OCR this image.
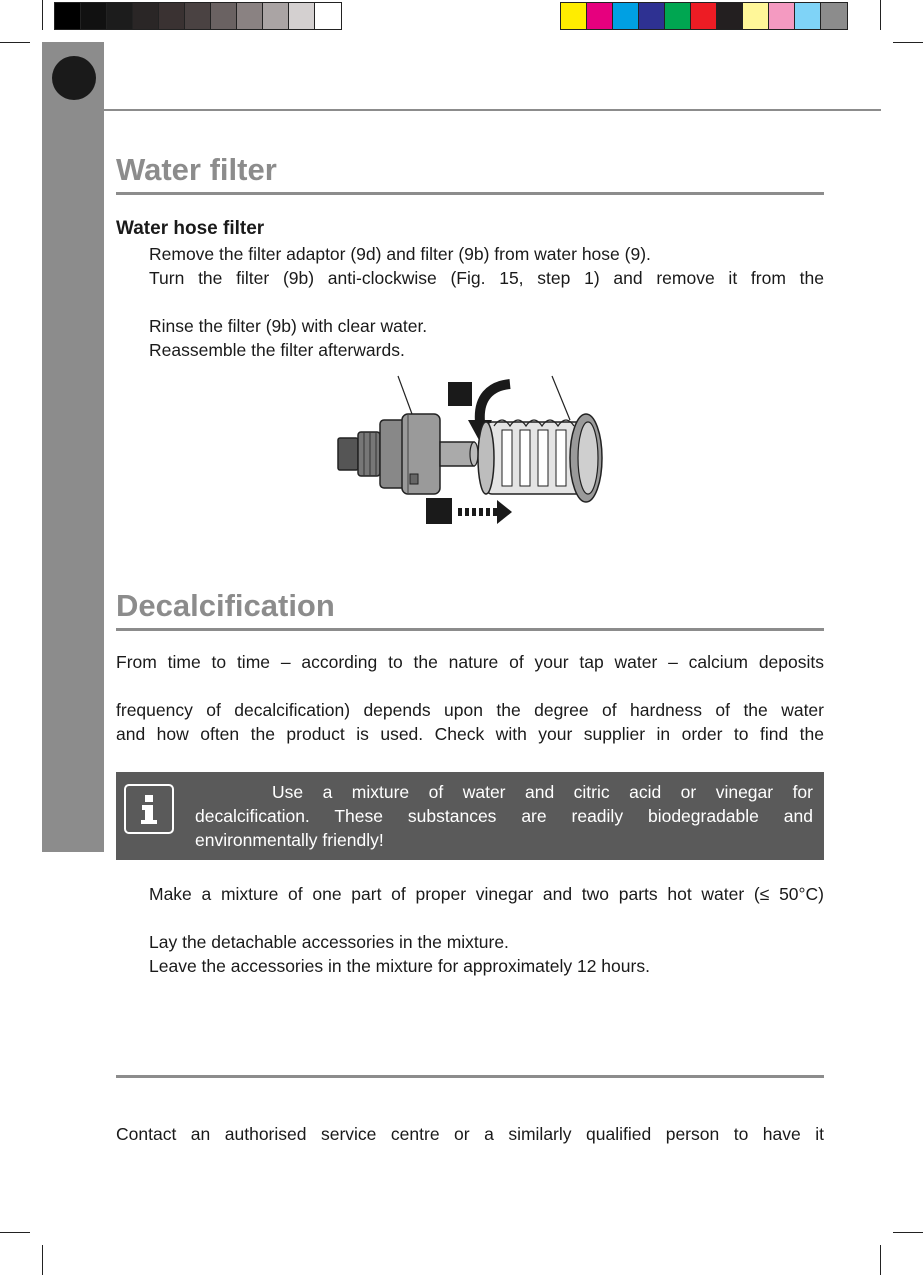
Water filter
Water hose filter
Remove the filter adaptor (9d) and filter (9b) from water hose (9).
Turn the filter (9b) anti-clockwise (Fig. 15, step 1) and remove it from the
Rinse the filter (9b) with clear water.
Reassemble the filter afterwards.
Decalcification
From time to time – according to the nature of your tap water – calcium deposits
frequency of decalcification) depends upon the degree of hardness of the water
and how often the product is used. Check with your supplier in order to find the
Use a mixture of water and citric acid or vinegar for
decalcification. These substances are readily biodegradable and
environmentally friendly!
Make a mixture of one part of proper vinegar and two parts hot water (≤ 50°C)
Lay the detachable accessories in the mixture.
Leave the accessories in the mixture for approximately 12 hours.
Contact an authorised service centre or a similarly qualified person to have it
